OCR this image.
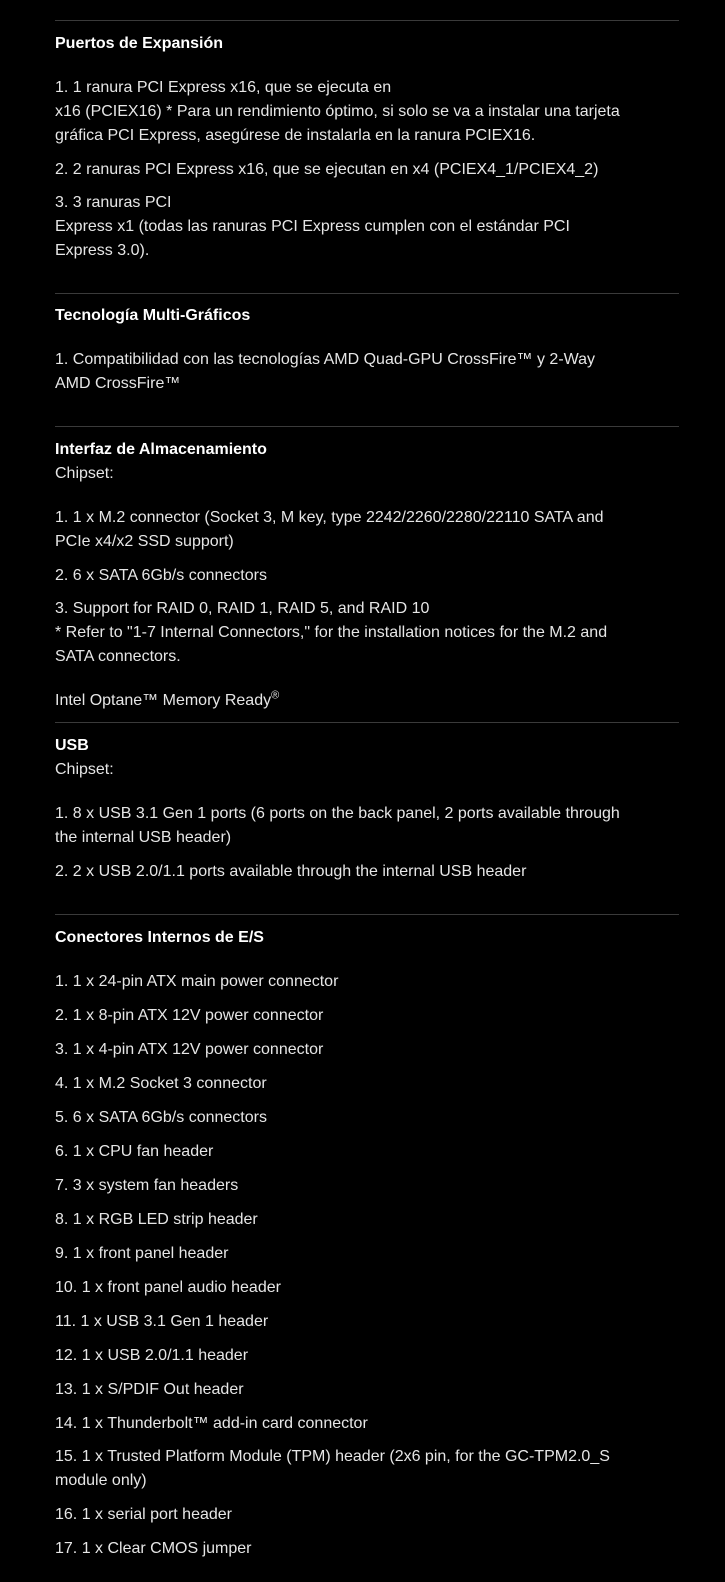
Puertos de Expansión
1. 1 ranura PCI Express x16, que se ejecuta en
x16 (PCIEX16) * Para un rendimiento óptimo, si solo se va a instalar una tarjeta
gráfica PCI Express, asegúrese de instalarla en la ranura PCIEX16.
2. 2 ranuras PCI Express x16, que se ejecutan en x4 (PCIEX4_1/PCIEX4_2)
3. 3 ranuras PCI
Express x1 (todas las ranuras PCI Express cumplen con el estándar PCI
Express 3.0).
Tecnología Multi-Gráficos
1. Compatibilidad con las tecnologías AMD Quad-GPU CrossFire™ y 2-Way
AMD CrossFire™
Interfaz de Almacenamiento
Chipset:
1. 1 x M.2 connector (Socket 3, M key, type 2242/2260/2280/22110 SATA and
PCIe x4/x2 SSD support)
2. 6 x SATA 6Gb/s connectors
3. Support for RAID 0, RAID 1, RAID 5, and RAID 10
* Refer to "1-7 Internal Connectors," for the installation notices for the M.2 and
SATA connectors.
Intel Optane™ Memory Ready®
USB
Chipset:
1. 8 x USB 3.1 Gen 1 ports (6 ports on the back panel, 2 ports available through
the internal USB header)
2. 2 x USB 2.0/1.1 ports available through the internal USB header
Conectores Internos de E/S
1. 1 x 24-pin ATX main power connector
2. 1 x 8-pin ATX 12V power connector
3. 1 x 4-pin ATX 12V power connector
4. 1 x M.2 Socket 3 connector
5. 6 x SATA 6Gb/s connectors
6. 1 x CPU fan header
7. 3 x system fan headers
8. 1 x RGB LED strip header
9. 1 x front panel header
10. 1 x front panel audio header
11. 1 x USB 3.1 Gen 1 header
12. 1 x USB 2.0/1.1 header
13. 1 x S/PDIF Out header
14. 1 x Thunderbolt™ add-in card connector
15. 1 x Trusted Platform Module (TPM) header (2x6 pin, for the GC-TPM2.0_S
module only)
16. 1 x serial port header
17. 1 x Clear CMOS jumper
